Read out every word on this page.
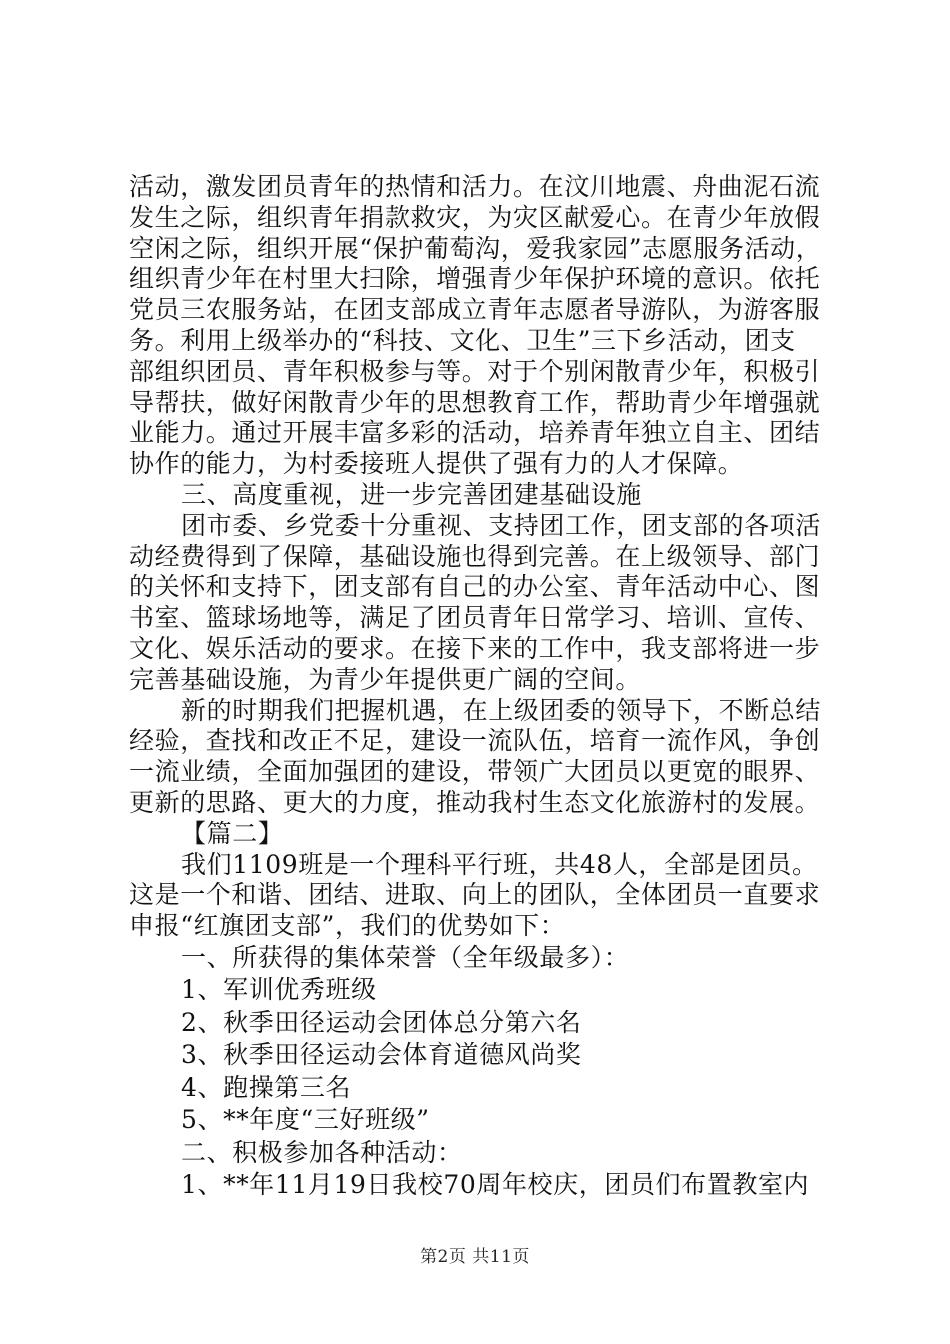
活动，激发团员青年的热情和活力。在汶川地震、舟曲泥石流
发生之际，组织青年捐款救灾，为灾区献爱心。在青少年放假
空闲之际，组织开展“保护葡萄沟，爱我家园”志愿服务活动，
组织青少年在村里大扫除，增强青少年保护环境的意识。依托
党员三农服务站，在团支部成立青年志愿者导游队，为游客服
务。利用上级举办的“科技、文化、卫生”三下乡活动，团支
部组织团员、青年积极参与等。对于个别闲散青少年，积极引
导帮扶，做好闲散青少年的思想教育工作，帮助青少年增强就
业能力。通过开展丰富多彩的活动，培养青年独立自主、团结
协作的能力，为村委接班人提供了强有力的人才保障。
三、高度重视，进一步完善团建基础设施
团市委、乡党委十分重视、支持团工作，团支部的各项活
动经费得到了保障，基础设施也得到完善。在上级领导、部门
的关怀和支持下，团支部有自己的办公室、青年活动中心、图
书室、篮球场地等，满足了团员青年日常学习、培训、宣传、
文化、娱乐活动的要求。在接下来的工作中，我支部将进一步
完善基础设施，为青少年提供更广阔的空间。
新的时期我们把握机遇，在上级团委的领导下，不断总结
经验，查找和改正不足，建设一流队伍，培育一流作风，争创
一流业绩，全面加强团的建设，带领广大团员以更宽的眼界、
更新的思路、更大的力度，推动我村生态文化旅游村的发展。
【篇二】
我们1109班是一个理科平行班，共48人，全部是团员。
这是一个和谐、团结、进取、向上的团队，全体团员一直要求
申报“红旗团支部”，我们的优势如下：
一、所获得的集体荣誉（全年级最多）：
1、军训优秀班级
2、秋季田径运动会团体总分第六名
3、秋季田径运动会体育道德风尚奖
4、跑操第三名
5、**年度“三好班级”
二、积极参加各种活动：
1、**年11月19日我校70周年校庆，团员们布置教室内
第2页 共11页
